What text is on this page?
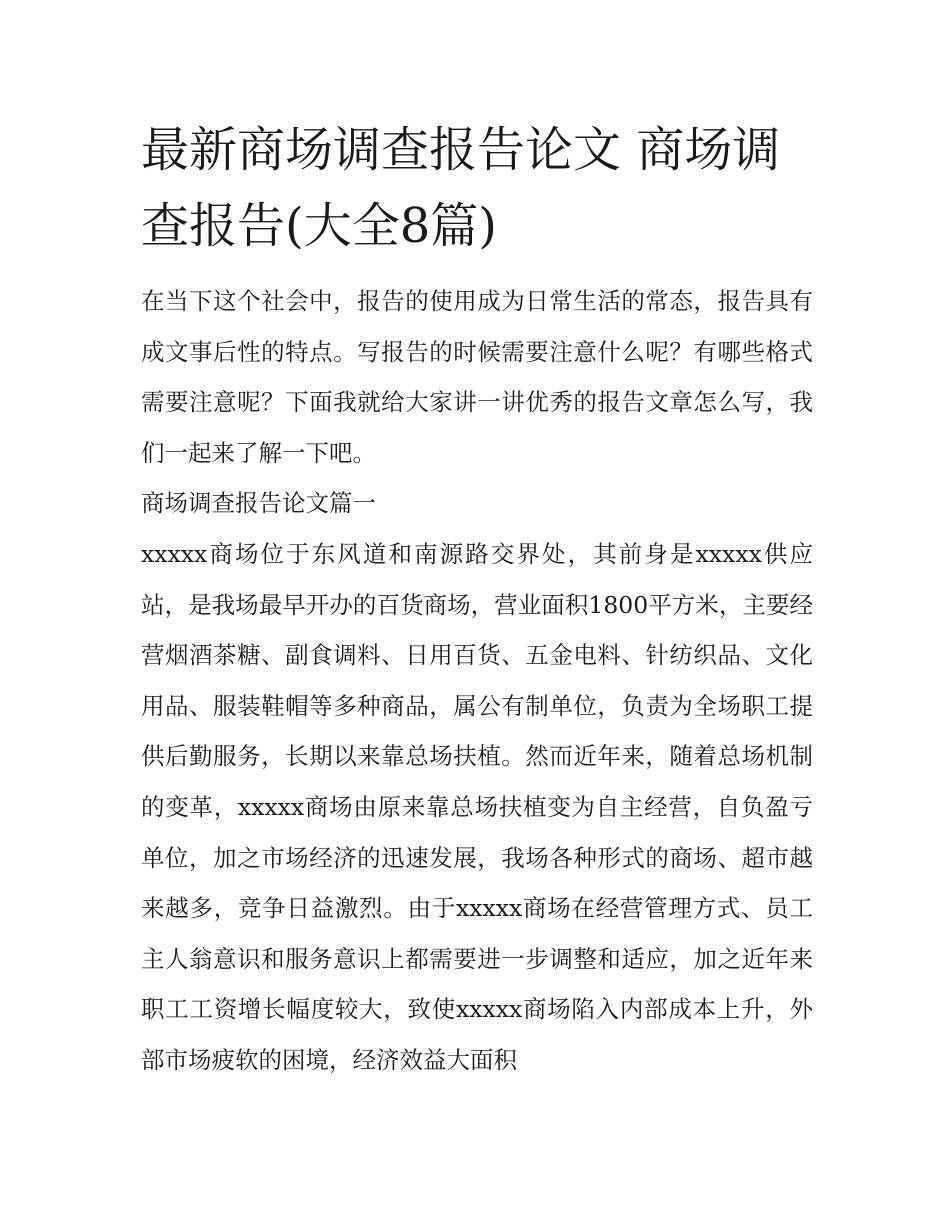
最新商场调查报告论文 商场调查报告(大全8篇)

在当下这个社会中，报告的使用成为日常生活的常态，报告具有成文事后性的特点。写报告的时候需要注意什么呢？有哪些格式需要注意呢？下面我就给大家讲一讲优秀的报告文章怎么写，我们一起来了解一下吧。

商场调查报告论文篇一

xxxxx商场位于东风道和南源路交界处，其前身是xxxxx供应站，是我场最早开办的百货商场，营业面积1800平方米，主要经营烟酒茶糖、副食调料、日用百货、五金电料、针纺织品、文化用品、服装鞋帽等多种商品，属公有制单位，负责为全场职工提供后勤服务，长期以来靠总场扶植。然而近年来，随着总场机制的变革，xxxxx商场由原来靠总场扶植变为自主经营，自负盈亏单位，加之市场经济的迅速发展，我场各种形式的商场、超市越来越多，竞争日益激烈。由于xxxxx商场在经营管理方式、员工主人翁意识和服务意识上都需要进一步调整和适应，加之近年来职工工资增长幅度较大，致使xxxxx商场陷入内部成本上升，外部市场疲软的困境，经济效益大面积
